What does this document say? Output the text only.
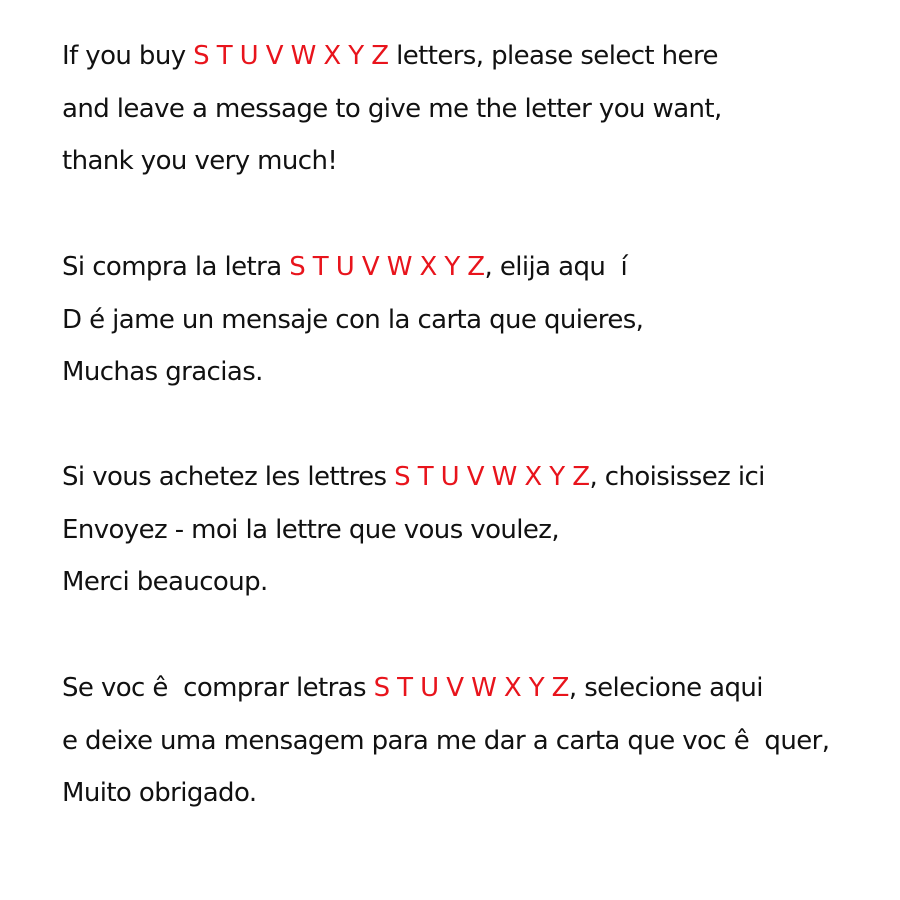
If you buy S T U V W X Y Z letters, please select here

and leave a message to give me the letter you want,

thank you very much!

Si compra la letra S T U V W X Y Z, elija aqu  í

D é jame un mensaje con la carta que quieres,

Muchas gracias.

Si vous achetez les lettres S T U V W X Y Z, choisissez ici

Envoyez - moi la lettre que vous voulez,

Merci beaucoup.

Se voc ê  comprar letras S T U V W X Y Z, selecione aqui

e deixe uma mensagem para me dar a carta que voc ê  quer,

Muito obrigado.
